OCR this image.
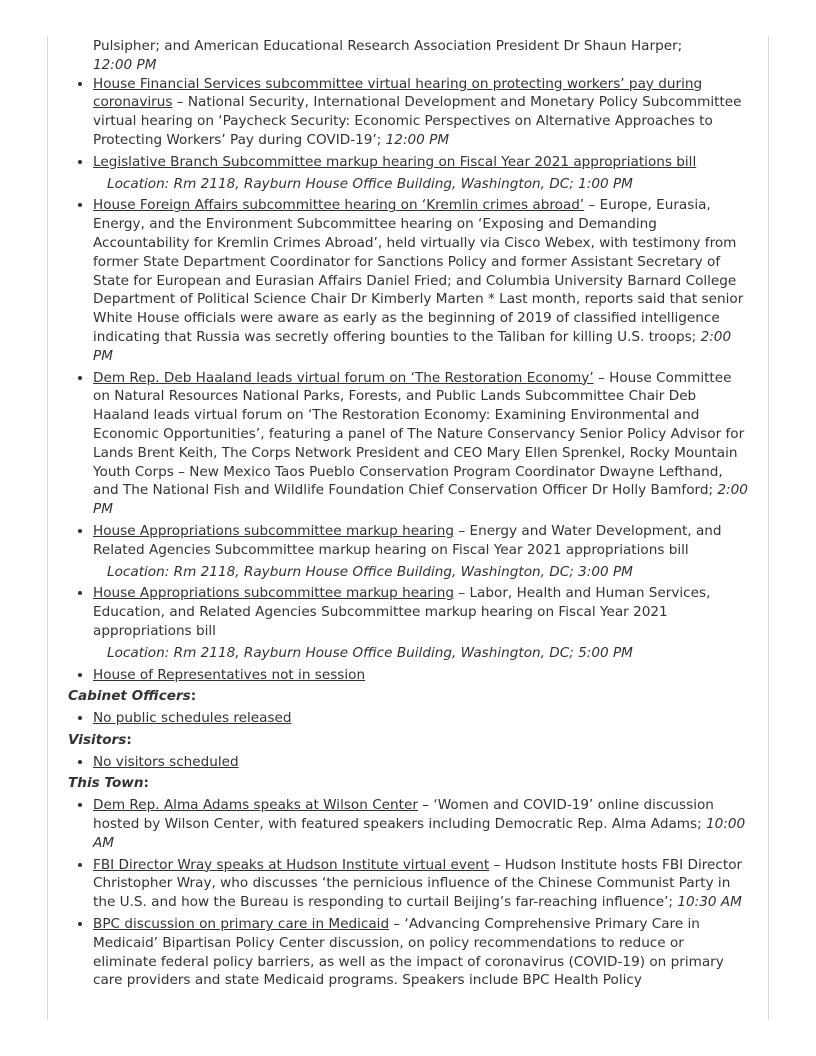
Pulsipher; and American Educational Research Association President Dr Shaun Harper;
12:00 PM
• House Financial Services subcommittee virtual hearing on protecting workers’ pay during coronavirus – National Security, International Development and Monetary Policy Subcommittee virtual hearing on ‘Paycheck Security: Economic Perspectives on Alternative Approaches to Protecting Workers’ Pay during COVID-19’; 12:00 PM
• Legislative Branch Subcommittee markup hearing on Fiscal Year 2021 appropriations bill
Location: Rm 2118, Rayburn House Office Building, Washington, DC; 1:00 PM
• House Foreign Affairs subcommittee hearing on ‘Kremlin crimes abroad’ – Europe, Eurasia, Energy, and the Environment Subcommittee hearing on ‘Exposing and Demanding Accountability for Kremlin Crimes Abroad’, held virtually via Cisco Webex, with testimony from former State Department Coordinator for Sanctions Policy and former Assistant Secretary of State for European and Eurasian Affairs Daniel Fried; and Columbia University Barnard College Department of Political Science Chair Dr Kimberly Marten * Last month, reports said that senior White House officials were aware as early as the beginning of 2019 of classified intelligence indicating that Russia was secretly offering bounties to the Taliban for killing U.S. troops; 2:00 PM
• Dem Rep. Deb Haaland leads virtual forum on ‘The Restoration Economy’ – House Committee on Natural Resources National Parks, Forests, and Public Lands Subcommittee Chair Deb Haaland leads virtual forum on ‘The Restoration Economy: Examining Environmental and Economic Opportunities’, featuring a panel of The Nature Conservancy Senior Policy Advisor for Lands Brent Keith, The Corps Network President and CEO Mary Ellen Sprenkel, Rocky Mountain Youth Corps – New Mexico Taos Pueblo Conservation Program Coordinator Dwayne Lefthand, and The National Fish and Wildlife Foundation Chief Conservation Officer Dr Holly Bamford; 2:00 PM
• House Appropriations subcommittee markup hearing – Energy and Water Development, and Related Agencies Subcommittee markup hearing on Fiscal Year 2021 appropriations bill
Location: Rm 2118, Rayburn House Office Building, Washington, DC; 3:00 PM
• House Appropriations subcommittee markup hearing – Labor, Health and Human Services, Education, and Related Agencies Subcommittee markup hearing on Fiscal Year 2021 appropriations bill
Location: Rm 2118, Rayburn House Office Building, Washington, DC; 5:00 PM
• House of Representatives not in session
Cabinet Officers:
• No public schedules released
Visitors:
• No visitors scheduled
This Town:
• Dem Rep. Alma Adams speaks at Wilson Center – ‘Women and COVID-19’ online discussion hosted by Wilson Center, with featured speakers including Democratic Rep. Alma Adams; 10:00 AM
• FBI Director Wray speaks at Hudson Institute virtual event – Hudson Institute hosts FBI Director Christopher Wray, who discusses ‘the pernicious influence of the Chinese Communist Party in the U.S. and how the Bureau is responding to curtail Beijing’s far-reaching influence’; 10:30 AM
• BPC discussion on primary care in Medicaid – ‘Advancing Comprehensive Primary Care in Medicaid’ Bipartisan Policy Center discussion, on policy recommendations to reduce or eliminate federal policy barriers, as well as the impact of coronavirus (COVID-19) on primary care providers and state Medicaid programs. Speakers include BPC Health Policy
